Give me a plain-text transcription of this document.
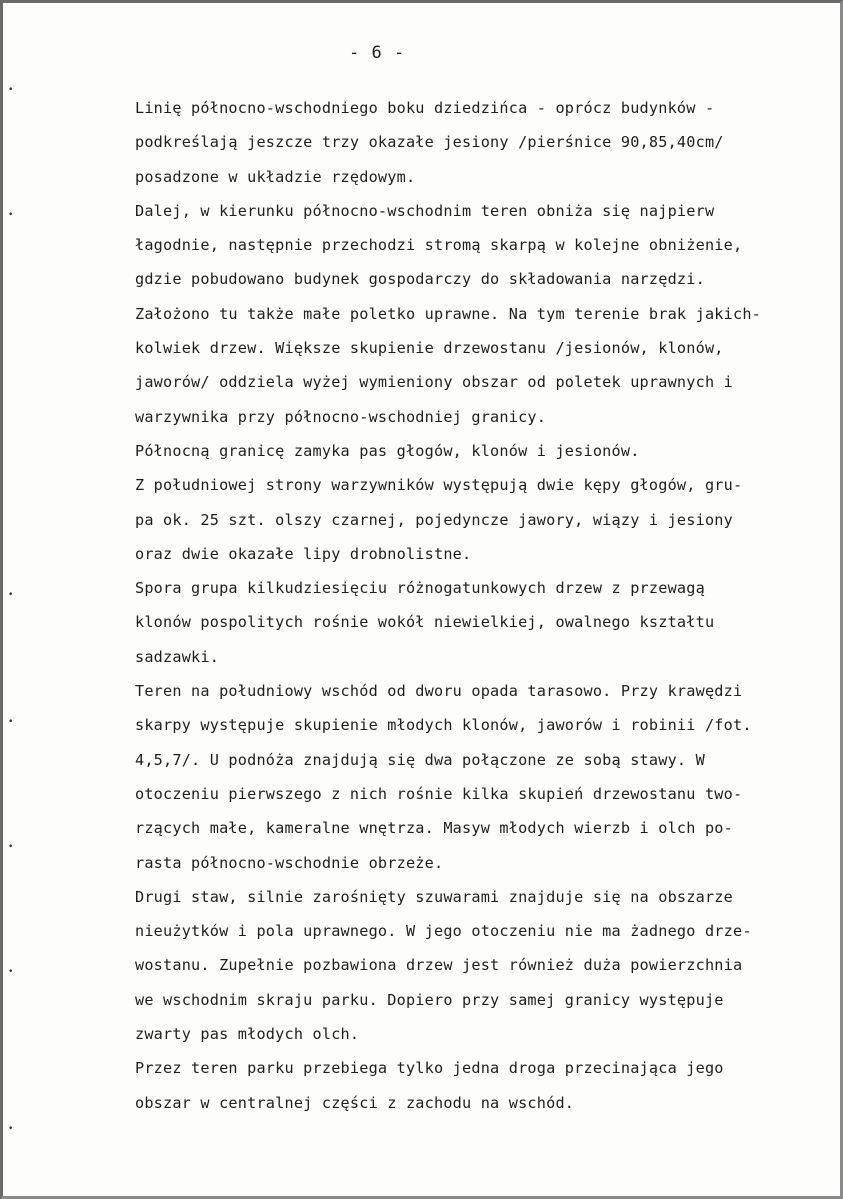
- 6 -
•
•
•
•
•
•
•
Linię północno-wschodniego boku dziedzińca - oprócz budynków -
podkreślają jeszcze trzy okazałe jesiony /pierśnice 90,85,40cm/
posadzone w układzie rzędowym.
Dalej, w kierunku północno-wschodnim teren obniża się najpierw
łagodnie, następnie przechodzi stromą skarpą w kolejne obniżenie,
gdzie pobudowano budynek gospodarczy do składowania narzędzi.
Założono tu także małe poletko uprawne. Na tym terenie brak jakich-
kolwiek drzew. Większe skupienie drzewostanu /jesionów, klonów,
jaworów/ oddziela wyżej wymieniony obszar od poletek uprawnych i
warzywnika przy północno-wschodniej granicy.
Północną granicę zamyka pas głogów, klonów i jesionów.
Z południowej strony warzywników występują dwie kępy głogów, gru-
pa ok. 25 szt. olszy czarnej, pojedyncze jawory, wiązy i jesiony
oraz dwie okazałe lipy drobnolistne.
Spora grupa kilkudziesięciu różnogatunkowych drzew z przewagą
klonów pospolitych rośnie wokół niewielkiej, owalnego kształtu
sadzawki.
Teren na południowy wschód od dworu opada tarasowo. Przy krawędzi
skarpy występuje skupienie młodych klonów, jaworów i robinii /fot.
4,5,7/. U podnóża znajdują się dwa połączone ze sobą stawy. W
otoczeniu pierwszego z nich rośnie kilka skupień drzewostanu two-
rzących małe, kameralne wnętrza. Masyw młodych wierzb i olch po-
rasta północno-wschodnie obrzeże.
Drugi staw, silnie zarośnięty szuwarami znajduje się na obszarze
nieużytków i pola uprawnego. W jego otoczeniu nie ma żadnego drze-
wostanu. Zupełnie pozbawiona drzew jest również duża powierzchnia
we wschodnim skraju parku. Dopiero przy samej granicy występuje
zwarty pas młodych olch.
Przez teren parku przebiega tylko jedna droga przecinająca jego
obszar w centralnej części z zachodu na wschód.
